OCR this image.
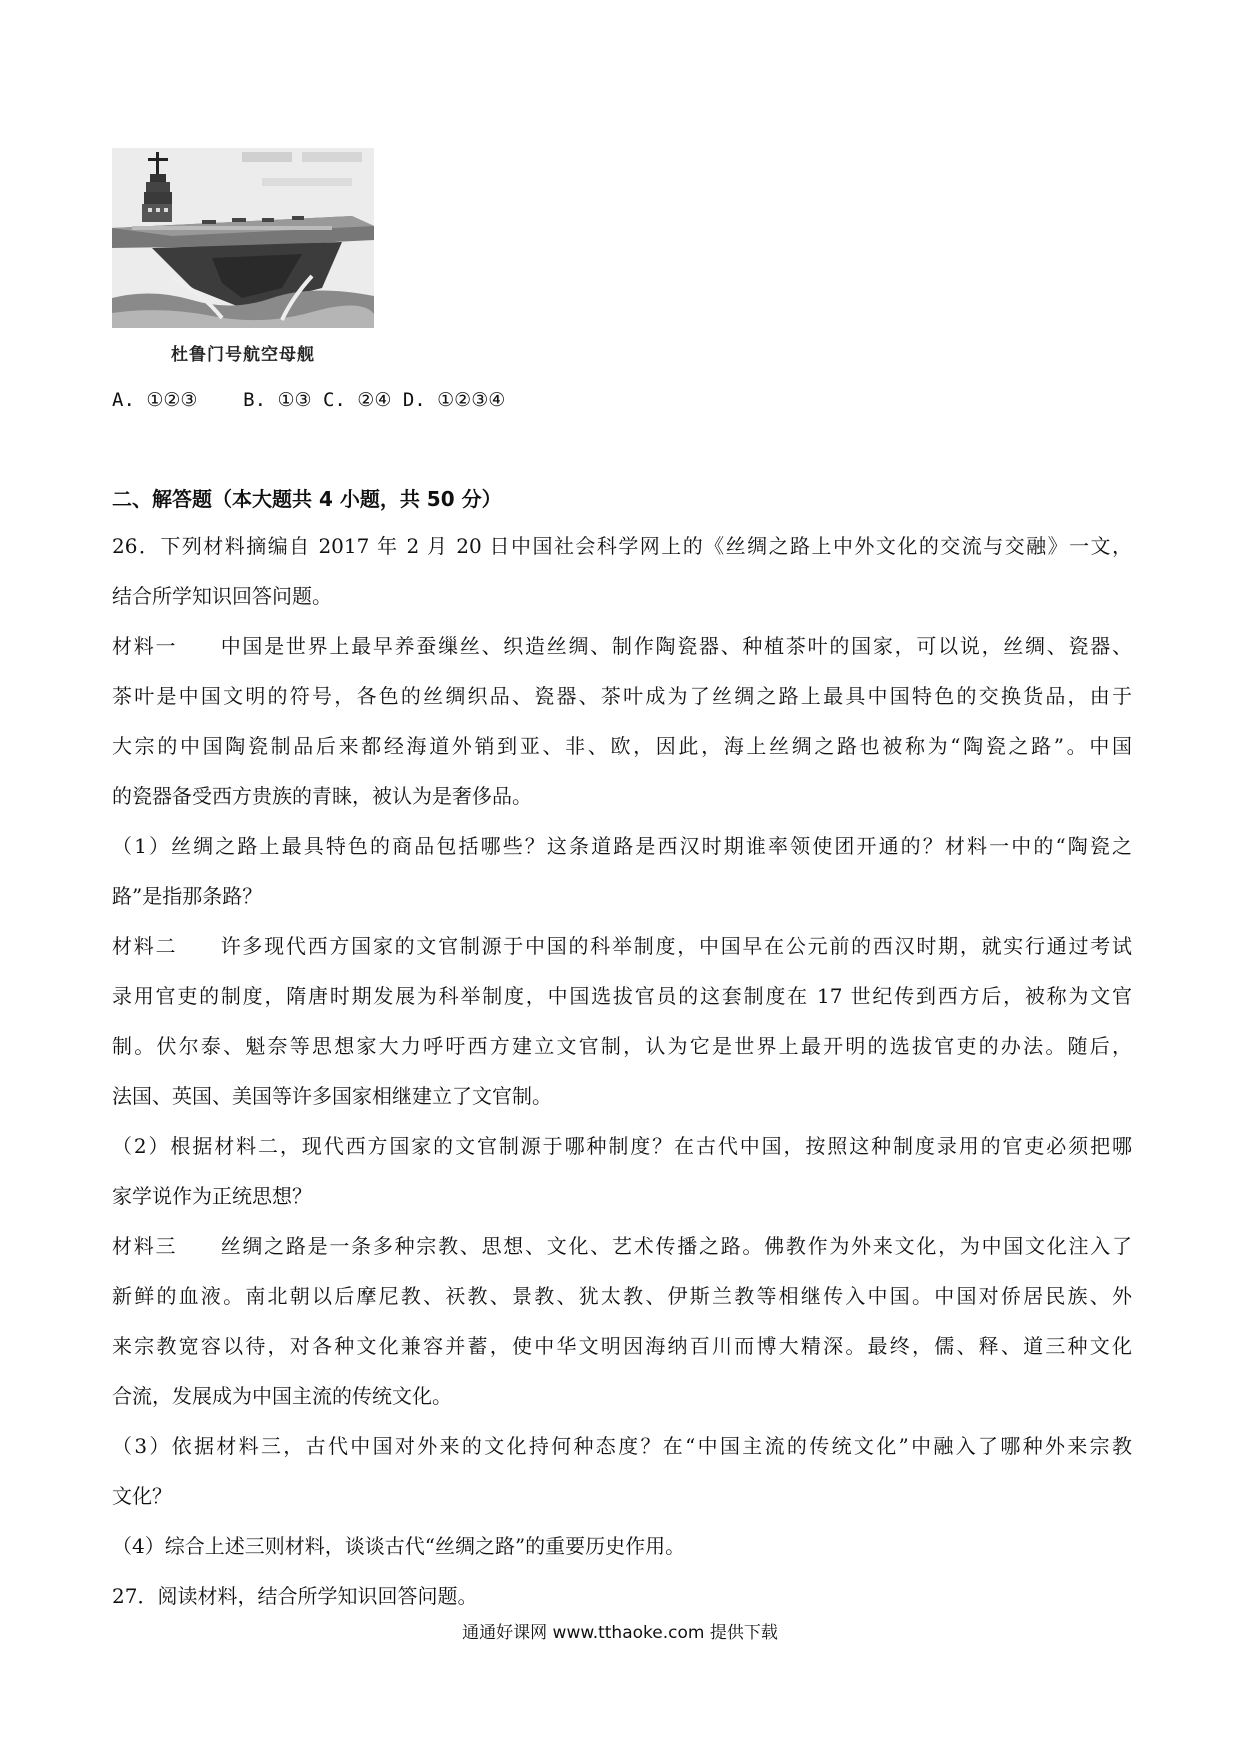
杜鲁门号航空母舰
A. ①②③    B. ①③ C. ②④ D. ①②③④
二、解答题（本大题共 4 小题，共 50 分）
26．下列材料摘编自 2017 年 2 月 20 日中国社会科学网上的《丝绸之路上中外文化的交流与交融》一文，
结合所学知识回答问题。
材料一　　中国是世界上最早养蚕缫丝、织造丝绸、制作陶瓷器、种植茶叶的国家，可以说，丝绸、瓷器、
茶叶是中国文明的符号，各色的丝绸织品、瓷器、茶叶成为了丝绸之路上最具中国特色的交换货品，由于
大宗的中国陶瓷制品后来都经海道外销到亚、非、欧，因此，海上丝绸之路也被称为“陶瓷之路”。中国
的瓷器备受西方贵族的青睐，被认为是奢侈品。
（1）丝绸之路上最具特色的商品包括哪些？这条道路是西汉时期谁率领使团开通的？材料一中的“陶瓷之
路”是指那条路？
材料二　　许多现代西方国家的文官制源于中国的科举制度，中国早在公元前的西汉时期，就实行通过考试
录用官吏的制度，隋唐时期发展为科举制度，中国选拔官员的这套制度在 17 世纪传到西方后，被称为文官
制。伏尔泰、魁奈等思想家大力呼吁西方建立文官制，认为它是世界上最开明的选拔官吏的办法。随后，
法国、英国、美国等许多国家相继建立了文官制。
（2）根据材料二，现代西方国家的文官制源于哪种制度？在古代中国，按照这种制度录用的官吏必须把哪
家学说作为正统思想？
材料三　　丝绸之路是一条多种宗教、思想、文化、艺术传播之路。佛教作为外来文化，为中国文化注入了
新鲜的血液。南北朝以后摩尼教、祆教、景教、犹太教、伊斯兰教等相继传入中国。中国对侨居民族、外
来宗教宽容以待，对各种文化兼容并蓄，使中华文明因海纳百川而博大精深。最终，儒、释、道三种文化
合流，发展成为中国主流的传统文化。
（3）依据材料三，古代中国对外来的文化持何种态度？在“中国主流的传统文化”中融入了哪种外来宗教
文化？
（4）综合上述三则材料，谈谈古代“丝绸之路”的重要历史作用。
27．阅读材料，结合所学知识回答问题。
通通好课网 www.tthaoke.com 提供下载
